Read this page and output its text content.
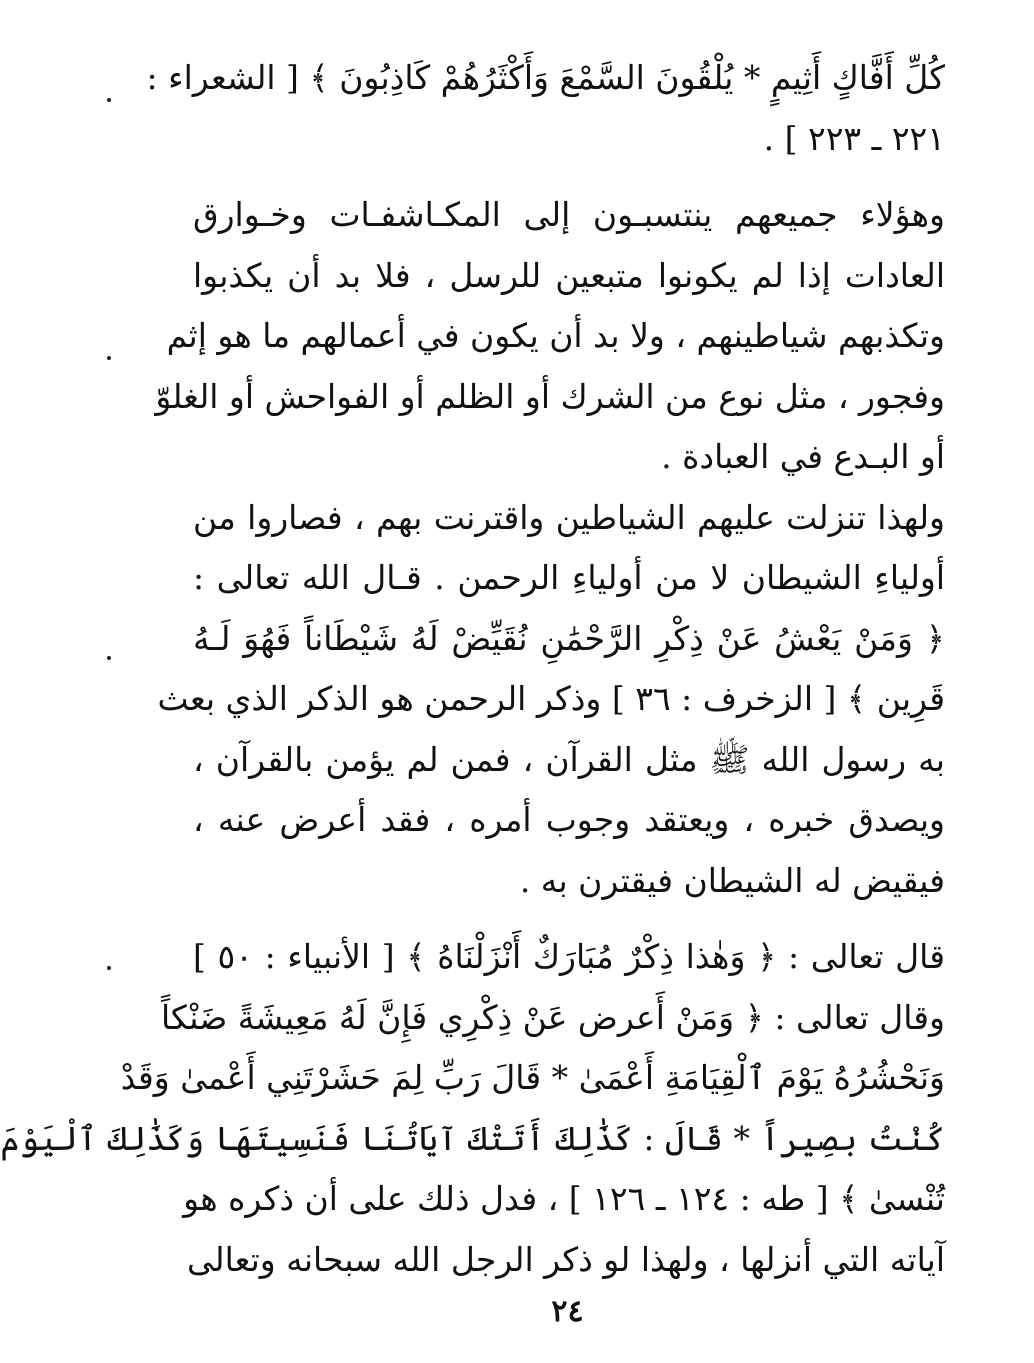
كُلِّ أَفَّاكٍ أَثِيمٍ * يُلْقُونَ السَّمْعَ وَأَكْثَرُهُمْ كَاذِبُونَ ﴾ [ الشعراء :
٢٢١ ـ ٢٢٣ ] .
وهؤلاء جميعهم ينتسبـون إلى المكـاشفـات وخـوارق
العادات إذا لم يكونوا متبعين للرسل ، فلا بد أن يكذبوا
وتكذبهم شياطينهم ، ولا بد أن يكون في أعمالهم ما هو إثم
وفجور ، مثل نوع من الشرك أو الظلم أو الفواحش أو الغلوّ
أو البـدع في العبادة .
ولهذا تنزلت عليهم الشياطين واقترنت بهم ، فصاروا من
أولياءِ الشيطان لا من أولياءِ الرحمن . قـال الله تعالى :
﴿ وَمَنْ يَعْشُ عَنْ ذِكْرِ الرَّحْمَٰنِ نُقَيِّضْ لَهُ شَيْطَاناً فَهُوَ لَـهُ
قَرِين ﴾ [ الزخرف : ٣٦ ] وذكر الرحمن هو الذكر الذي بعث
به رسول الله ﷺ مثل القرآن ، فمن لم يؤمن بالقرآن ،
ويصدق خبره ، ويعتقد وجوب أمره ، فقد أعرض عنه ،
فيقيض له الشيطان فيقترن به .
قال تعالى : ﴿ وَهٰذا ذِكْرٌ مُبَارَكٌ أَنْزَلْنَاهُ ﴾ [ الأنبياء : ٥٠ ]
وقال تعالى : ﴿ وَمَنْ أَعرض عَنْ ذِكْرِي فَإِنَّ لَهُ مَعِيشَةً ضَنْكاً
وَنَحْشُرُهُ يَوْمَ ٱلْقِيَامَةِ أَعْمَىٰ * قَالَ رَبِّ لِمَ حَشَرْتَنِي أَعْمىٰ وَقَدْ
كُنْتُ بصِيراً * قَالَ : كَذَٰلِكَ أَتَتْكَ آيَاتُنَا فَنَسِيتَهَا وَكَذَٰلِكَ ٱلْيَوْمَ
تُنْسىٰ ﴾ [ طه : ١٢٤ ـ ١٢٦ ] ، فدل ذلك على أن ذكره هو
آياته التي أنزلها ، ولهذا لو ذكر الرجل الله سبحانه وتعالى
٢٤
